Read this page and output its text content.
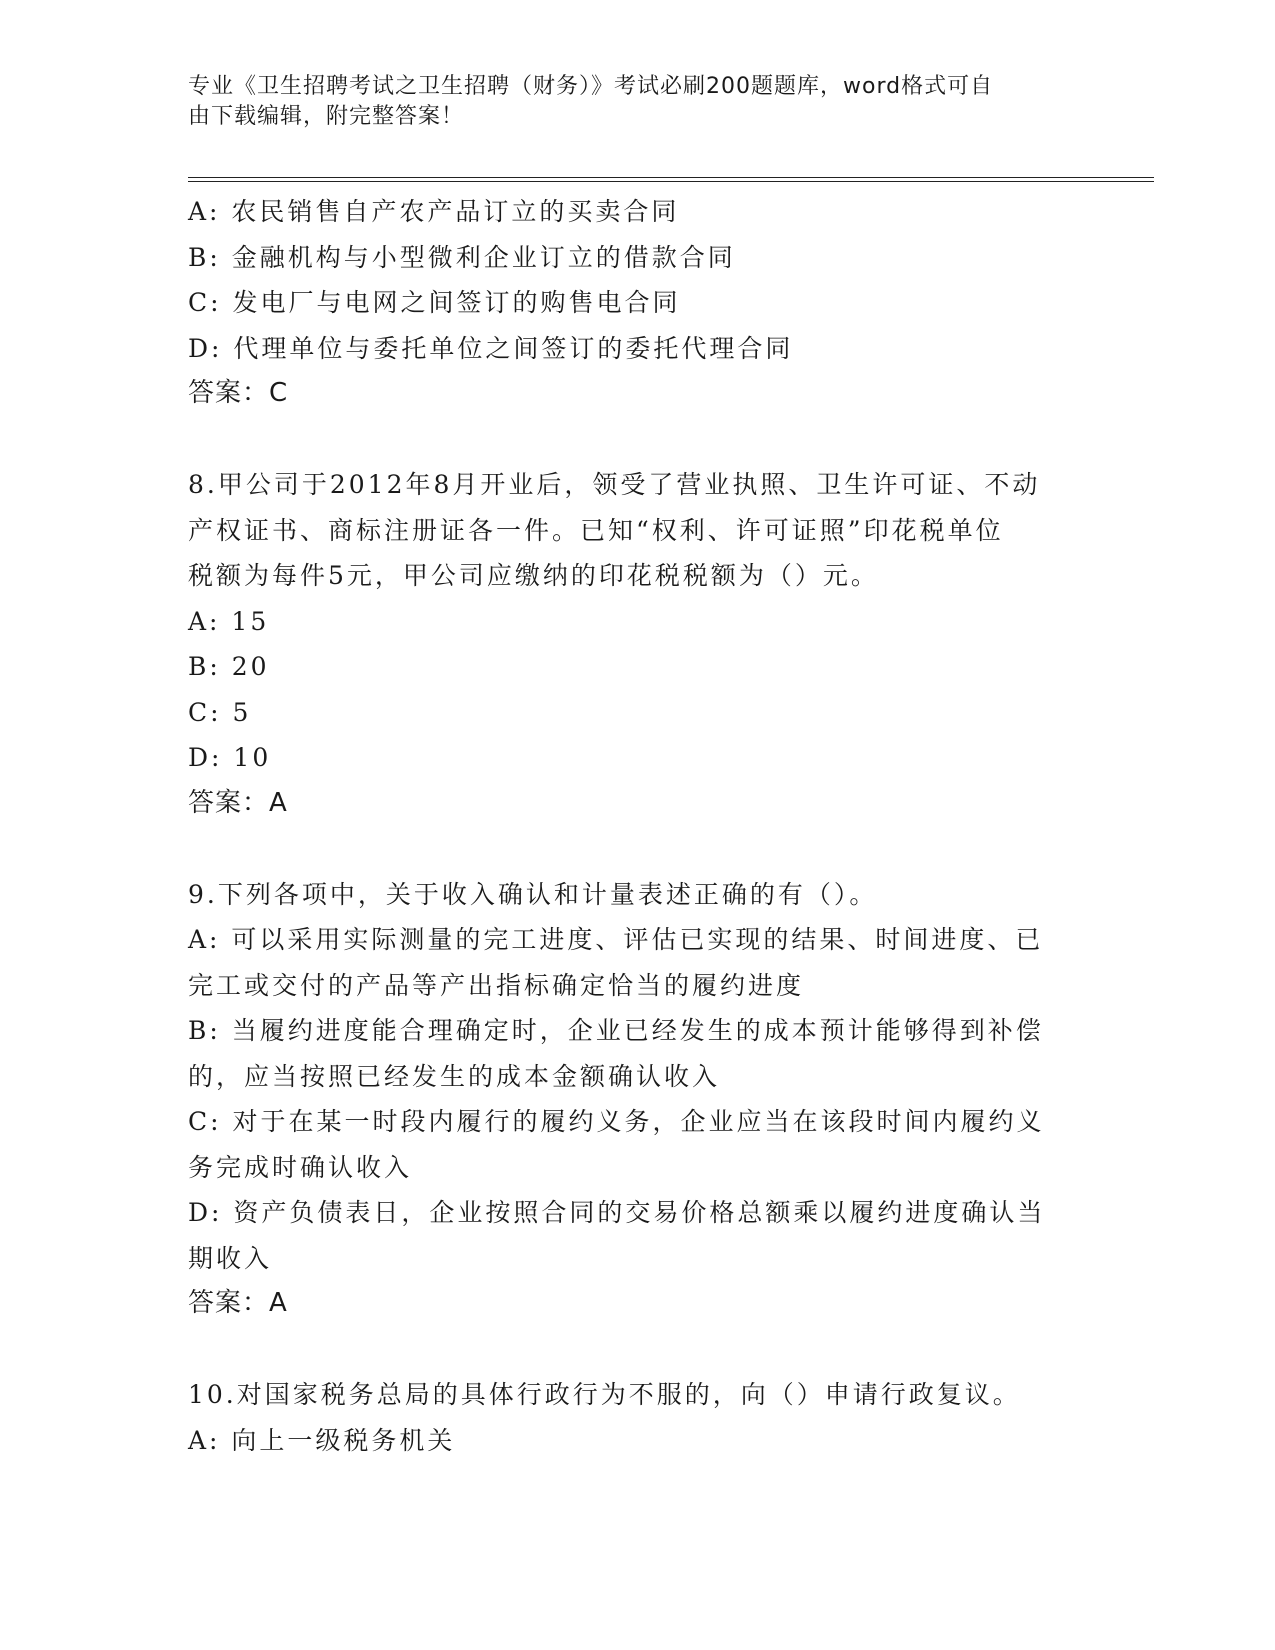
专业《卫生招聘考试之卫生招聘（财务）》考试必刷200题题库，word格式可自
由下载编辑，附完整答案！
A: 农民销售自产农产品订立的买卖合同
B: 金融机构与小型微利企业订立的借款合同
C: 发电厂与电网之间签订的购售电合同
D: 代理单位与委托单位之间签订的委托代理合同
答案：C
8.甲公司于2012年8月开业后，领受了营业执照、卫生许可证、不动
产权证书、商标注册证各一件。已知“权利、许可证照”印花税单位
税额为每件5元，甲公司应缴纳的印花税税额为（）元。
A: 15
B: 20
C: 5
D: 10
答案：A
9.下列各项中，关于收入确认和计量表述正确的有（）。
A: 可以采用实际测量的完工进度、评估已实现的结果、时间进度、已
完工或交付的产品等产出指标确定恰当的履约进度
B: 当履约进度能合理确定时，企业已经发生的成本预计能够得到补偿
的，应当按照已经发生的成本金额确认收入
C: 对于在某一时段内履行的履约义务，企业应当在该段时间内履约义
务完成时确认收入
D: 资产负债表日，企业按照合同的交易价格总额乘以履约进度确认当
期收入
答案：A
10.对国家税务总局的具体行政行为不服的，向（）申请行政复议。
A: 向上一级税务机关
